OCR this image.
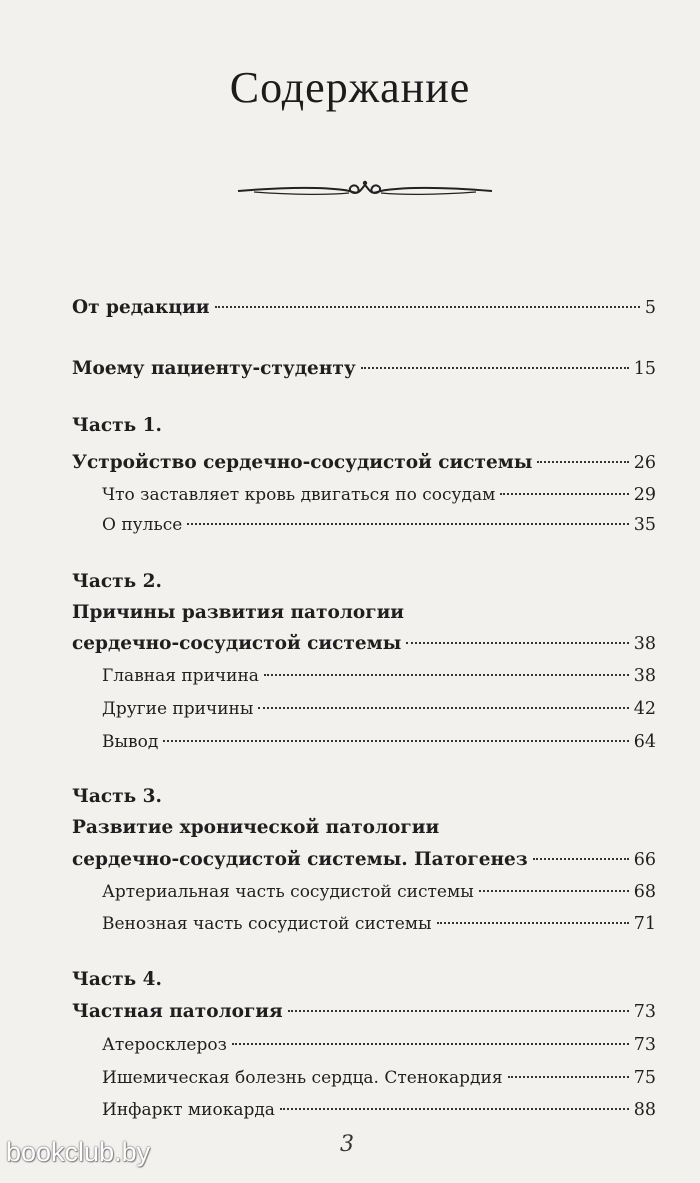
Содержание
От редакции	5
Моему пациенту-студенту	15
Часть 1.
Устройство сердечно-сосудистой системы	26
Что заставляет кровь двигаться по сосудам	29
О пульсе	35
Часть 2.
Причины развития патологии
сердечно-сосудистой системы	38
Главная причина	38
Другие причины	42
Вывод	64
Часть 3.
Развитие хронической патологии
сердечно-сосудистой системы. Патогенез	66
Артериальная часть сосудистой системы	68
Венозная часть сосудистой системы	71
Часть 4.
Частная патология	73
Атеросклероз	73
Ишемическая болезнь сердца. Стенокардия	75
Инфаркт миокарда	88
3
bookclub.by
